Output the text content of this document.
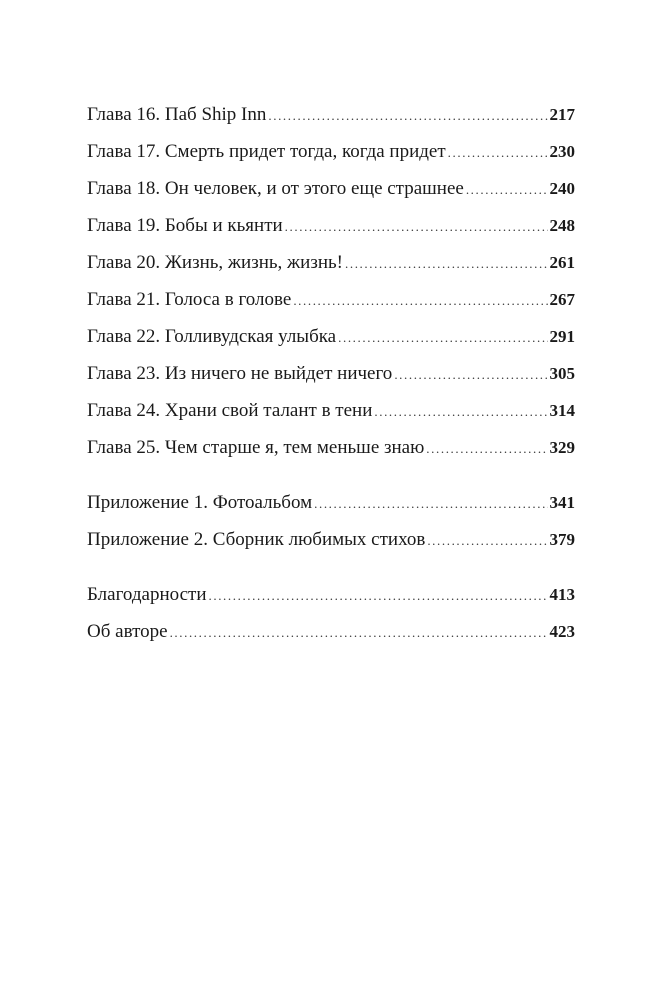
Глава 16. Паб Ship Inn .....	217
Глава 17. Смерть придет тогда, когда придет .....	230
Глава 18. Он человек, и от этого еще страшнее .....	240
Глава 19. Бобы и кьянти .....	248
Глава 20. Жизнь, жизнь, жизнь! .....	261
Глава 21. Голоса в голове .....	267
Глава 22. Голливудская улыбка .....	291
Глава 23. Из ничего не выйдет ничего .....	305
Глава 24. Храни свой талант в тени .....	314
Глава 25. Чем старше я, тем меньше знаю .....	329
Приложение 1. Фотоальбом .....	341
Приложение 2. Сборник любимых стихов .....	379
Благодарности .....	413
Об авторе .....	423
